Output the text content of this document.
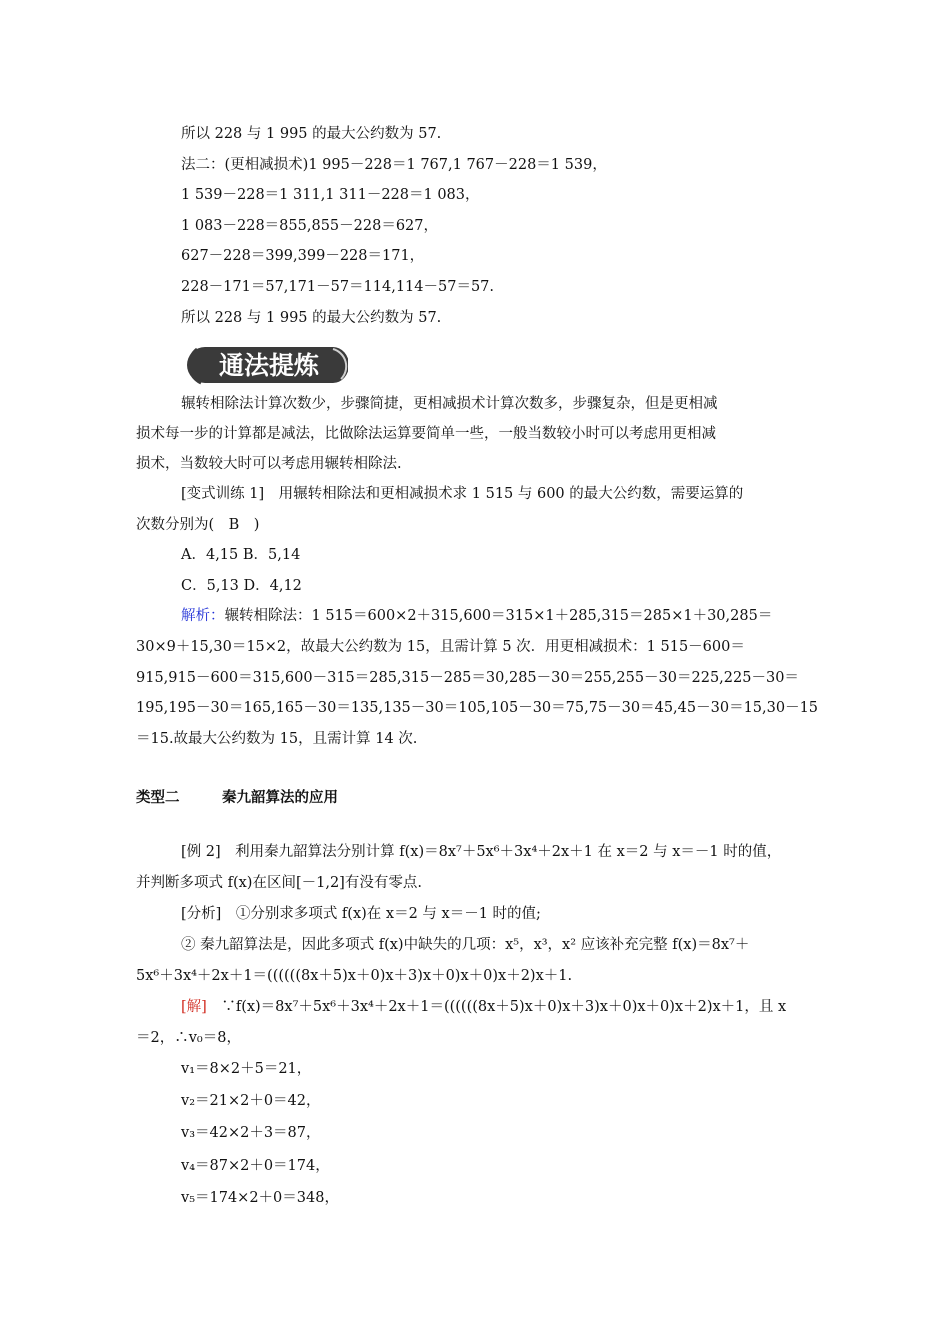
所以 228 与 1 995 的最大公约数为 57.
法二：(更相减损术)1 995－228＝1 767,1 767－228＝1 539，
1 539－228＝1 311,1 311－228＝1 083，
1 083－228＝855,855－228＝627，
627－228＝399,399－228＝171，
228－171＝57,171－57＝114,114－57＝57.
所以 228 与 1 995 的最大公约数为 57.
通法提炼
辗转相除法计算次数少，步骤简捷，更相减损术计算次数多，步骤复杂，但是更相减
损术每一步的计算都是减法，比做除法运算要简单一些，一般当数较小时可以考虑用更相减
损术，当数较大时可以考虑用辗转相除法.
[变式训练 1]　用辗转相除法和更相减损术求 1 515 与 600 的最大公约数，需要运算的
次数分别为(　B　)
A．4,15 B．5,14
C．5,13 D．4,12
解析：辗转相除法：1 515＝600×2＋315,600＝315×1＋285,315＝285×1＋30,285＝
30×9＋15,30＝15×2，故最大公约数为 15，且需计算 5 次．用更相减损术：1 515－600＝
915,915－600＝315,600－315＝285,315－285＝30,285－30＝255,255－30＝225,225－30＝
195,195－30＝165,165－30＝135,135－30＝105,105－30＝75,75－30＝45,45－30＝15,30－15
＝15.故最大公约数为 15，且需计算 14 次.
类型二	秦九韶算法的应用
[例 2]　利用秦九韶算法分别计算 f(x)＝8x⁷＋5x⁶＋3x⁴＋2x＋1 在 x＝2 与 x＝－1 时的值，
并判断多项式 f(x)在区间[－1,2]有没有零点.
[分析]　①分别求多项式 f(x)在 x＝2 与 x＝－1 时的值;
② 秦九韶算法是，因此多项式 f(x)中缺失的几项：x⁵，x³，x² 应该补充完整 f(x)＝8x⁷＋
5x⁶＋3x⁴＋2x＋1＝((((((8x＋5)x＋0)x＋3)x＋0)x＋0)x＋2)x＋1.
[解]　∵f(x)＝8x⁷＋5x⁶＋3x⁴＋2x＋1＝((((((8x＋5)x＋0)x＋3)x＋0)x＋0)x＋2)x＋1，且 x
＝2，∴v₀＝8，
v₁＝8×2＋5＝21，
v₂＝21×2＋0＝42，
v₃＝42×2＋3＝87，
v₄＝87×2＋0＝174，
v₅＝174×2＋0＝348，
